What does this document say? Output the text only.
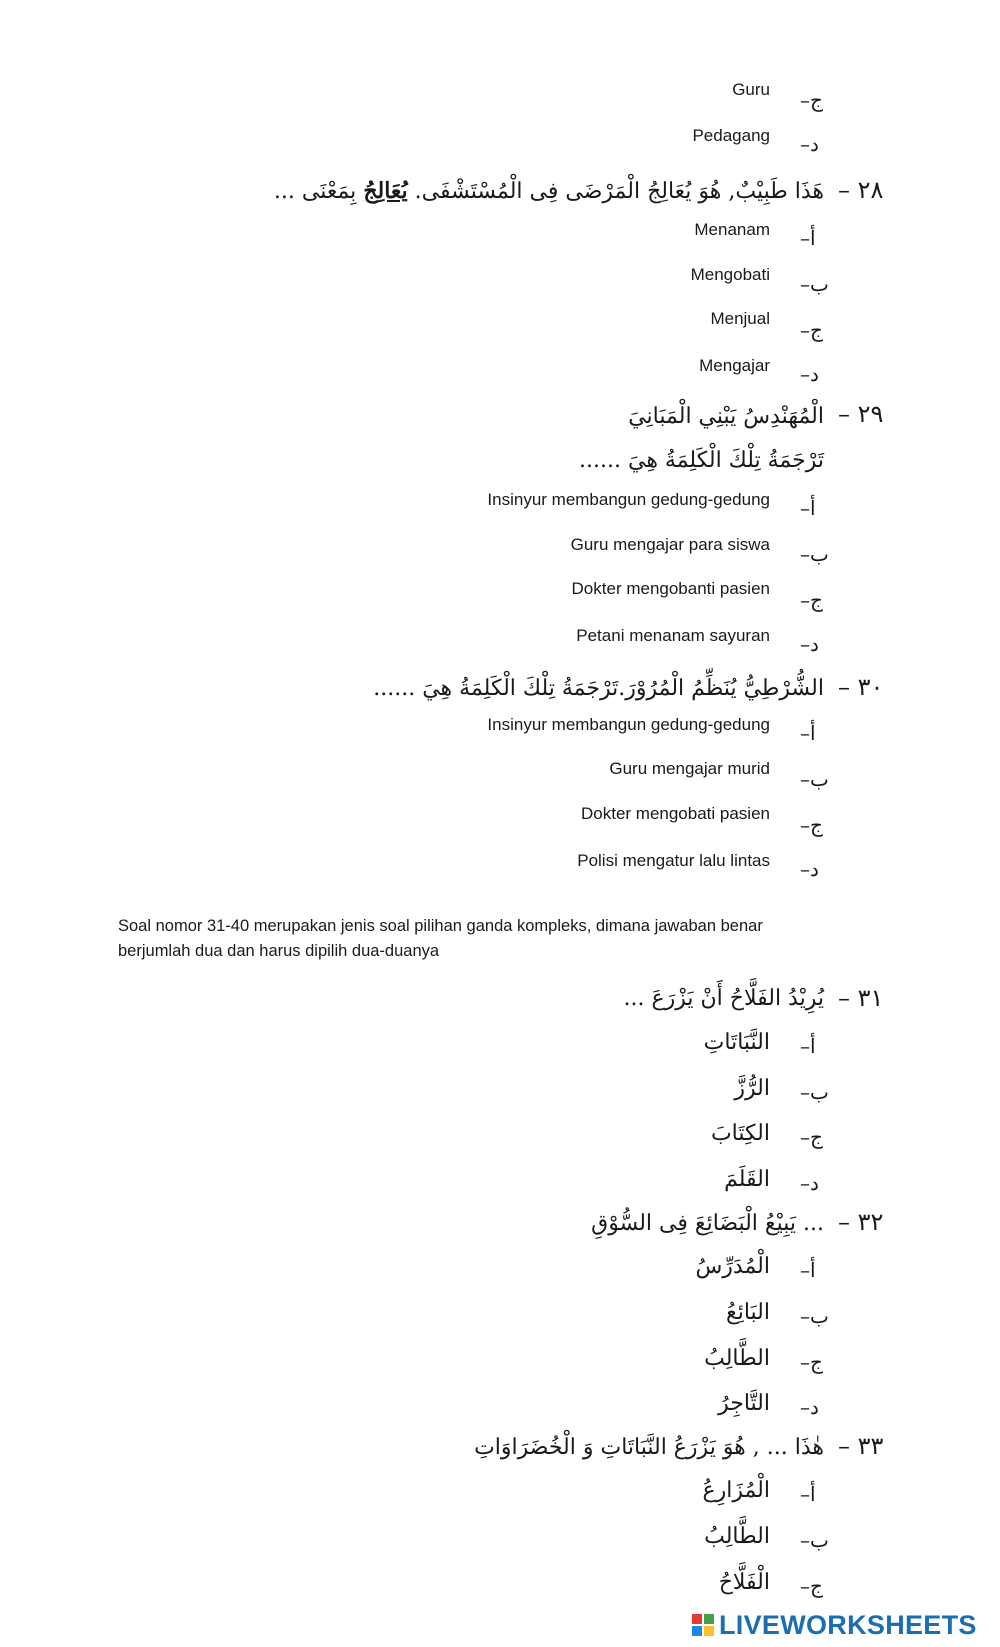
Guru ج–
Pedagang د–
٢٨ –
هَذَا طَبِيْبٌ, هُوَ يُعَالِجُ الْمَرْضَى فِى الْمُسْتَشْفَى. يُعَالِجُ بِمَعْنَى ...
Menanam أ–
Mengobati ب–
Menjual ج–
Mengajar د–
٢٩ –
الْمُهَنْدِسُ يَبْنِي الْمَبَانِيَ
تَرْجَمَةُ تِلْكَ الْكَلِمَةُ هِيَ ......
Insinyur membangun gedung-gedung أ–
Guru mengajar para siswa ب–
Dokter mengobanti pasien ج–
Petani menanam sayuran د–
٣٠ –
الشُّرْطِيُّ يُنَظِّمُ الْمُرُوْرَ.تَرْجَمَةُ تِلْكَ الْكَلِمَةُ هِيَ ......
Insinyur membangun gedung-gedung أ–
Guru mengajar murid ب–
Dokter mengobati pasien ج–
Polisi mengatur lalu lintas د–
Soal nomor 31-40 merupakan jenis soal pilihan ganda kompleks, dimana jawaban benar
berjumlah dua dan harus dipilih dua-duanya
٣١ –
يُرِيْدُ الفَلَّاحُ أَنْ يَزْرَعَ ...
النَّبَاتَاتِ أ–
الرُّزَّ ب–
الكِتَابَ ج–
القَلَمَ د–
٣٢ –
... يَبِيْعُ الْبَضَائِعَ فِى السُّوْقِ
الْمُدَرِّسُ أ–
البَائِعُ ب–
الطَّالِبُ ج–
التَّاجِرُ د–
٣٣ –
هٰذَا ... , هُوَ يَزْرَعُ النَّبَاتَاتِ وَ الْخُضَرَاوَاتِ
الْمُزَارِعُ أ–
الطَّالِبُ ب–
الْفَلَّاحُ ج–
LIVEWORKSHEETS
